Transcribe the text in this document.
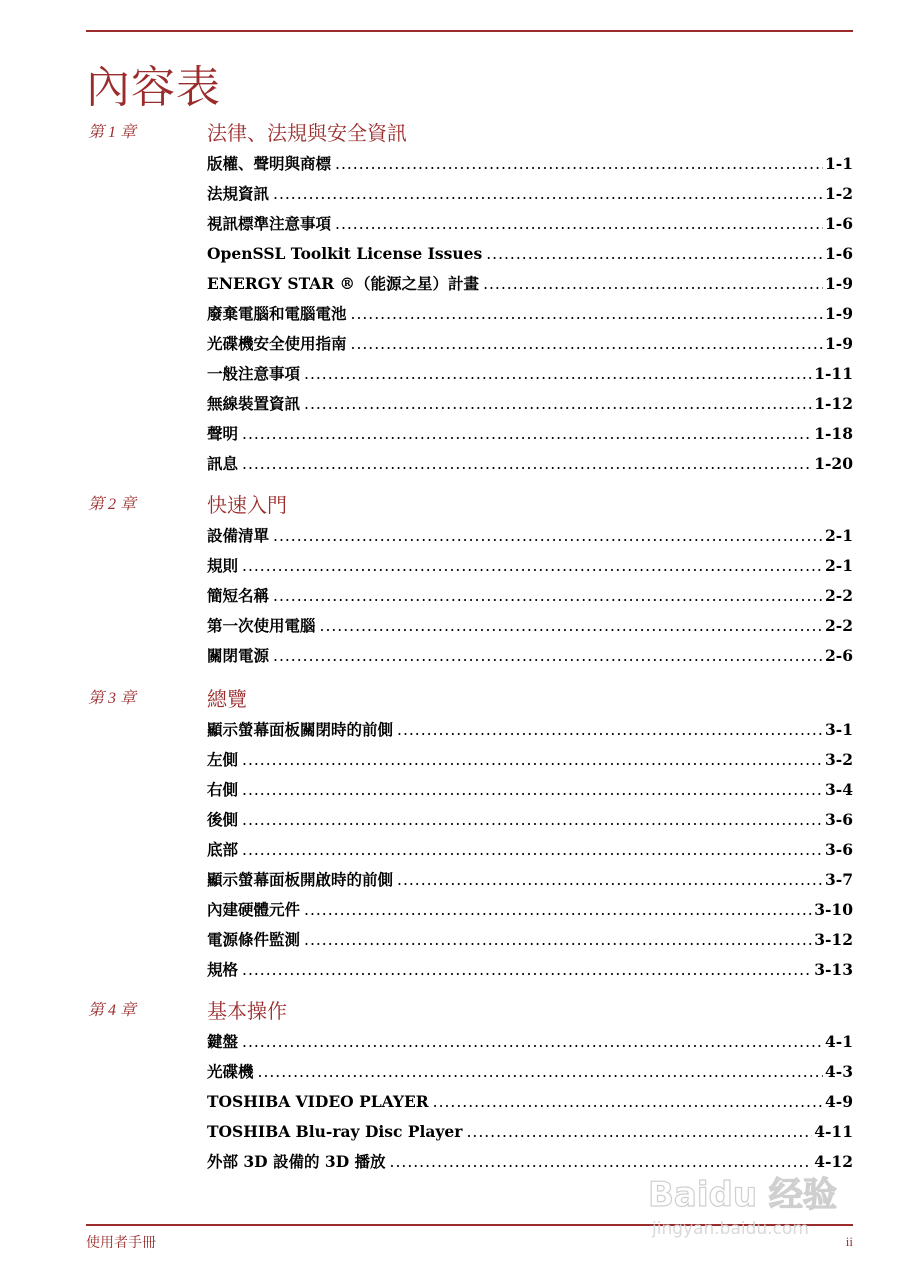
內容表
第 1 章	法律、法規與安全資訊
版權、聲明與商標 .....	1-1
法規資訊 .....	1-2
視訊標準注意事項 .....	1-6
OpenSSL Toolkit License Issues .....	1-6
ENERGY STAR ®（能源之星）計畫 .....	1-9
廢棄電腦和電腦電池 .....	1-9
光碟機安全使用指南 .....	1-9
一般注意事項 .....	1-11
無線裝置資訊 .....	1-12
聲明 .....	1-18
訊息 .....	1-20
第 2 章	快速入門
設備清單 .....	2-1
規則 .....	2-1
簡短名稱 .....	2-2
第一次使用電腦 .....	2-2
關閉電源 .....	2-6
第 3 章	總覽
顯示螢幕面板關閉時的前側 .....	3-1
左側 .....	3-2
右側 .....	3-4
後側 .....	3-6
底部 .....	3-6
顯示螢幕面板開啟時的前側 .....	3-7
內建硬體元件 .....	3-10
電源條件監測 .....	3-12
規格 .....	3-13
第 4 章	基本操作
鍵盤 .....	4-1
光碟機 .....	4-3
TOSHIBA VIDEO PLAYER .....	4-9
TOSHIBA Blu-ray Disc Player .....	4-11
外部 3D 設備的 3D 播放 .....	4-12
使用者手冊	ii
Baidu 经验
jingyan.baidu.com
